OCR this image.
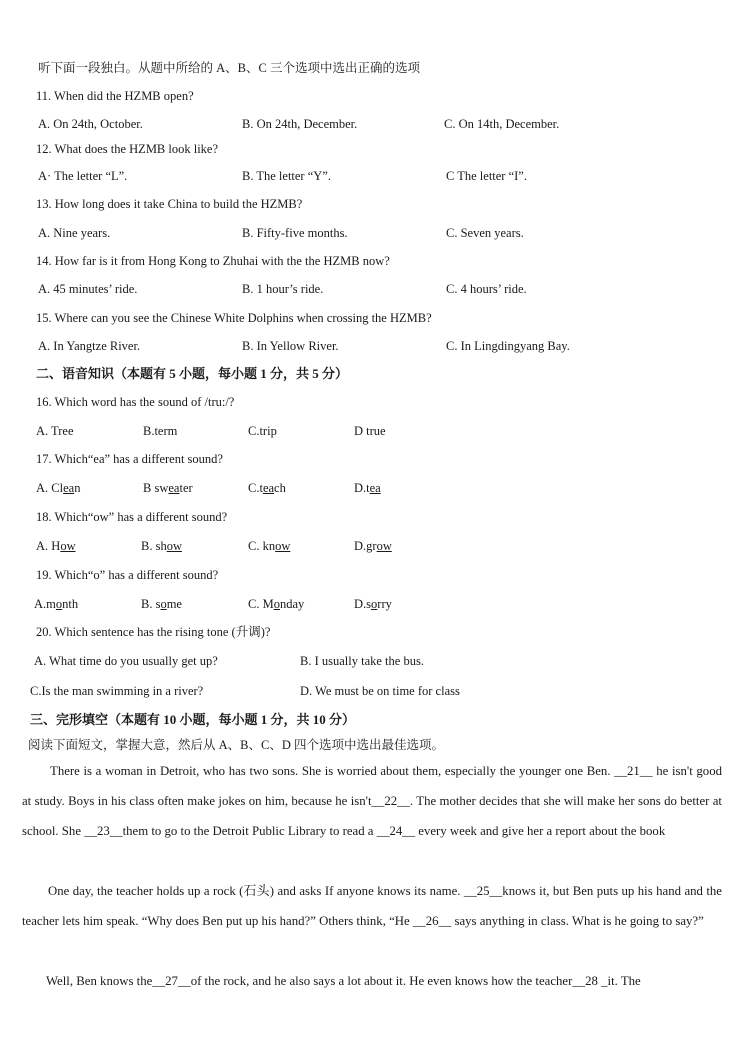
听下面一段独白。从题中所给的 A、B、C 三个选项中选出正确的选项
11. When did the HZMB open?
A. On 24th, October.	B. On 24th, December.	C. On 14th, December.
12. What does the HZMB look like?
A· The letter “L”.	B. The letter “Y”.	C The letter “I”.
13. How long does it take China to build the HZMB?
A. Nine years.	B. Fifty-five months.	C. Seven years.
14. How far is it from Hong Kong to Zhuhai with the the HZMB now?
A. 45 minutes’ ride.	B. 1 hour’s ride.	C. 4 hours’ ride.
15. Where can you see the Chinese White Dolphins when crossing the HZMB?
A. In Yangtze River.	B. In Yellow River.	C. In Lingdingyang Bay.
二、语音知识（本题有 5 小题，每小题 1 分，共 5 分）
16. Which word has the sound of /tru:/?
A. Tree	B.term	C.trip	D true
17. Which“ea” has a different sound?
A. Clean	B sweater	C.teach	D.tea
18. Which“ow” has a different sound?
A. How	B. show	C. know	D.grow
19. Which“o” has a different sound?
A.month	B. some	C. Monday	D.sorry
20. Which sentence has the rising tone (升调)?
A. What time do you usually get up?	B. I usually take the bus.
C.Is the man swimming in a river?	D. We must be on time for class
三、完形填空（本题有 10 小题，每小题 1 分，共 10 分）
阅读下面短文，掌握大意，然后从 A、B、C、D 四个选项中选出最佳选项。
There is a woman in Detroit, who has two sons. She is worried about them, especially the younger one Ben. __21__ he isn't good at study. Boys in his class often make jokes on him, because he isn't__22__. The mother decides that she will make her sons do better at school. She __23__them to go to the Detroit Public Library to read a __24__ every week and give her a report about the book
One day, the teacher holds up a rock (石头) and asks If anyone knows its name. __25__knows it, but Ben puts up his hand and the teacher lets him speak. “Why does Ben put up his hand?” Others think, “He __26__ says anything in class. What is he going to say?”
Well, Ben knows the__27__of the rock, and he also says a lot about it. He even knows how the teacher__28 _it. The
